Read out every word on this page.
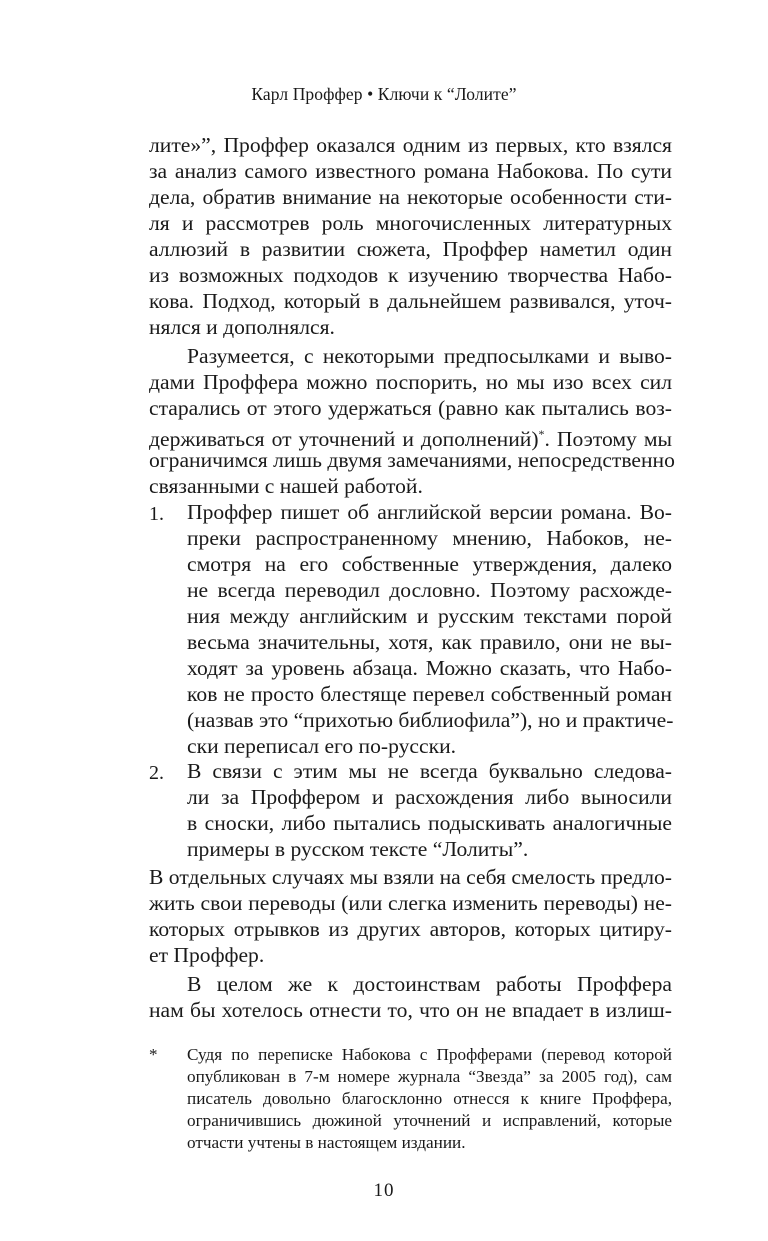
Карл Проффер • Ключи к “Лолите”
лите»”, Проффер оказался одним из первых, кто взялся
за анализ самого известного романа Набокова. По сути
дела, обратив внимание на некоторые особенности сти-
ля и рассмотрев роль многочисленных литературных
аллюзий в развитии сюжета, Проффер наметил один
из возможных подходов к изучению творчества Набо-
кова. Подход, который в дальнейшем развивался, уточ-
нялся и дополнялся.
Разумеется, с некоторыми предпосылками и выво-
дами Проффера можно поспорить, но мы изо всех сил
старались от этого удержаться (равно как пытались воз-
держиваться от уточнений и дополнений)*. Поэтому мы
ограничимся лишь двумя замечаниями, непосредственно
связанными с нашей работой.
1. Проффер пишет об английской версии романа. Во-
преки распространенному мнению, Набоков, не-
смотря на его собственные утверждения, далеко
не всегда переводил дословно. Поэтому расхожде-
ния между английским и русским текстами порой
весьма значительны, хотя, как правило, они не вы-
ходят за уровень абзаца. Можно сказать, что Набо-
ков не просто блестяще перевел собственный роман
(назвав это “прихотью библиофила”), но и практиче-
ски переписал его по-русски.
2. В связи с этим мы не всегда буквально следова-
ли за Проффером и расхождения либо выносили
в сноски, либо пытались подыскивать аналогичные
примеры в русском тексте “Лолиты”.
В отдельных случаях мы взяли на себя смелость предло-
жить свои переводы (или слегка изменить переводы) не-
которых отрывков из других авторов, которых цитиру-
ет Проффер.
В целом же к достоинствам работы Проффера
нам бы хотелось отнести то, что он не впадает в излиш-
* Судя по переписке Набокова с Профферами (перевод которой
опубликован в 7-м номере журнала “Звезда” за 2005 год), сам
писатель довольно благосклонно отнесся к книге Проффера,
ограничившись дюжиной уточнений и исправлений, которые
отчасти учтены в настоящем издании.
10
